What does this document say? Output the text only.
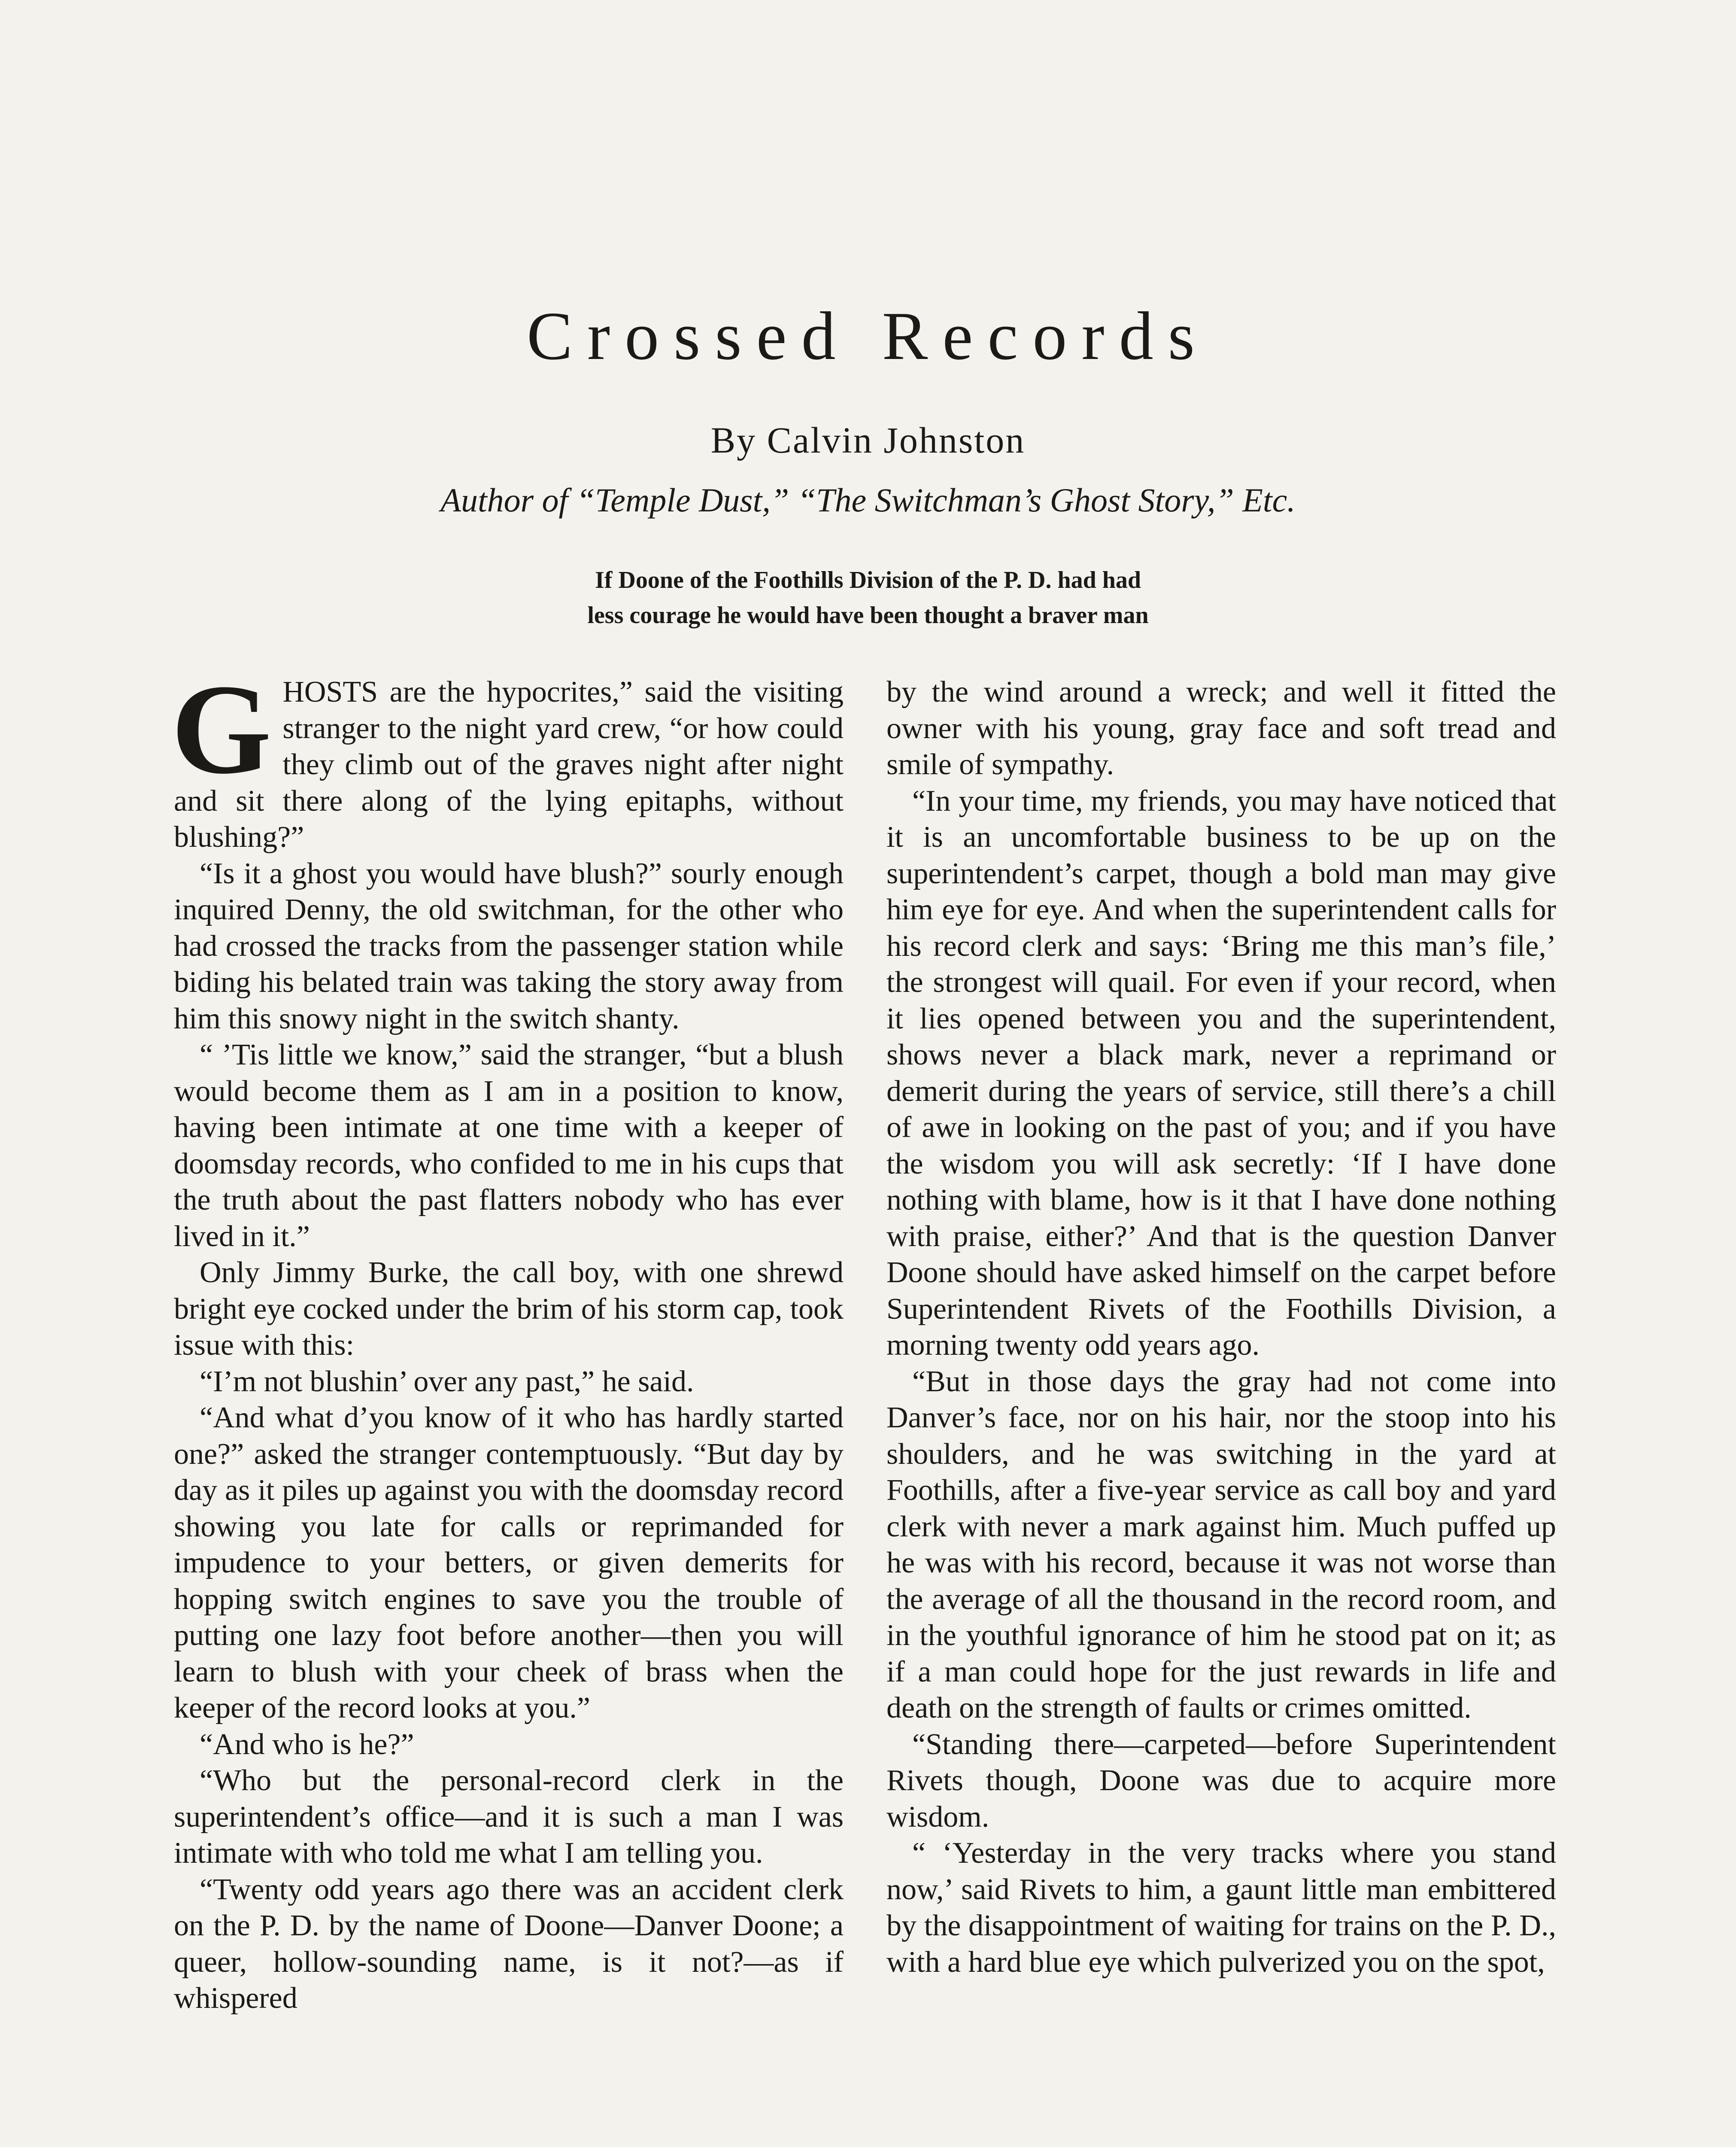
Crossed Records
By Calvin Johnston
Author of “Temple Dust,” “The Switchman’s Ghost Story,” Etc.
If Doone of the Foothills Division of the P. D. had had
less courage he would have been thought a braver man

GHOSTS are the hypocrites,” said the visiting stranger to the night yard crew, “or how could they climb out of the graves night after night and sit there along of the lying epitaphs, without blushing?”

“Is it a ghost you would have blush?” sourly enough inquired Denny, the old switchman, for the other who had crossed the tracks from the passenger station while biding his belated train was taking the story away from him this snowy night in the switch shanty.

“ ’Tis little we know,” said the stranger, “but a blush would become them as I am in a position to know, having been intimate at one time with a keeper of doomsday records, who confided to me in his cups that the truth about the past flatters nobody who has ever lived in it.”

Only Jimmy Burke, the call boy, with one shrewd bright eye cocked under the brim of his storm cap, took issue with this:

“I’m not blushin’ over any past,” he said.

“And what d’you know of it who has hardly started one?” asked the stranger contemptuously. “But day by day as it piles up against you with the doomsday record showing you late for calls or reprimanded for impudence to your betters, or given demerits for hopping switch engines to save you the trouble of putting one lazy foot before another—then you will learn to blush with your cheek of brass when the keeper of the record looks at you.”

“And who is he?”

“Who but the personal-record clerk in the superintendent’s office—and it is such a man I was intimate with who told me what I am telling you.

“Twenty odd years ago there was an accident clerk on the P. D. by the name of Doone—Danver Doone; a queer, hollow-sounding name, is it not?—as if whispered

by the wind around a wreck; and well it fitted the owner with his young, gray face and soft tread and smile of sympathy.

“In your time, my friends, you may have noticed that it is an uncomfortable business to be up on the superintendent’s carpet, though a bold man may give him eye for eye. And when the superintendent calls for his record clerk and says: ‘Bring me this man’s file,’ the strongest will quail. For even if your record, when it lies opened between you and the superintendent, shows never a black mark, never a reprimand or demerit during the years of service, still there’s a chill of awe in looking on the past of you; and if you have the wisdom you will ask secretly: ‘If I have done nothing with blame, how is it that I have done nothing with praise, either?’ And that is the question Danver Doone should have asked himself on the carpet before Superintendent Rivets of the Foothills Division, a morning twenty odd years ago.

“But in those days the gray had not come into Danver’s face, nor on his hair, nor the stoop into his shoulders, and he was switching in the yard at Foothills, after a five-year service as call boy and yard clerk with never a mark against him. Much puffed up he was with his record, because it was not worse than the average of all the thousand in the record room, and in the youthful ignorance of him he stood pat on it; as if a man could hope for the just rewards in life and death on the strength of faults or crimes omitted.

“Standing there—carpeted—before Superintendent Rivets though, Doone was due to acquire more wisdom.

“ ‘Yesterday in the very tracks where you stand now,’ said Rivets to him, a gaunt little man embittered by the disappointment of waiting for trains on the P. D., with a hard blue eye which pulverized you on the spot,
